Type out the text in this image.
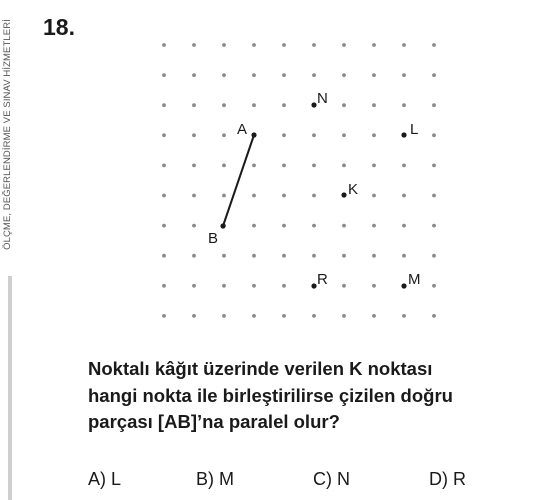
ÖLÇME, DEĞERLENDİRME VE SINAV HİZMETLERİ 18.
A
B
K
L
M
N
R
Noktalı kâğıt üzerinde verilen K noktası
hangi nokta ile birleştirilirse çizilen doğru
parçası [AB]’na paralel olur?
A) L	B) M	C) N	D) R
